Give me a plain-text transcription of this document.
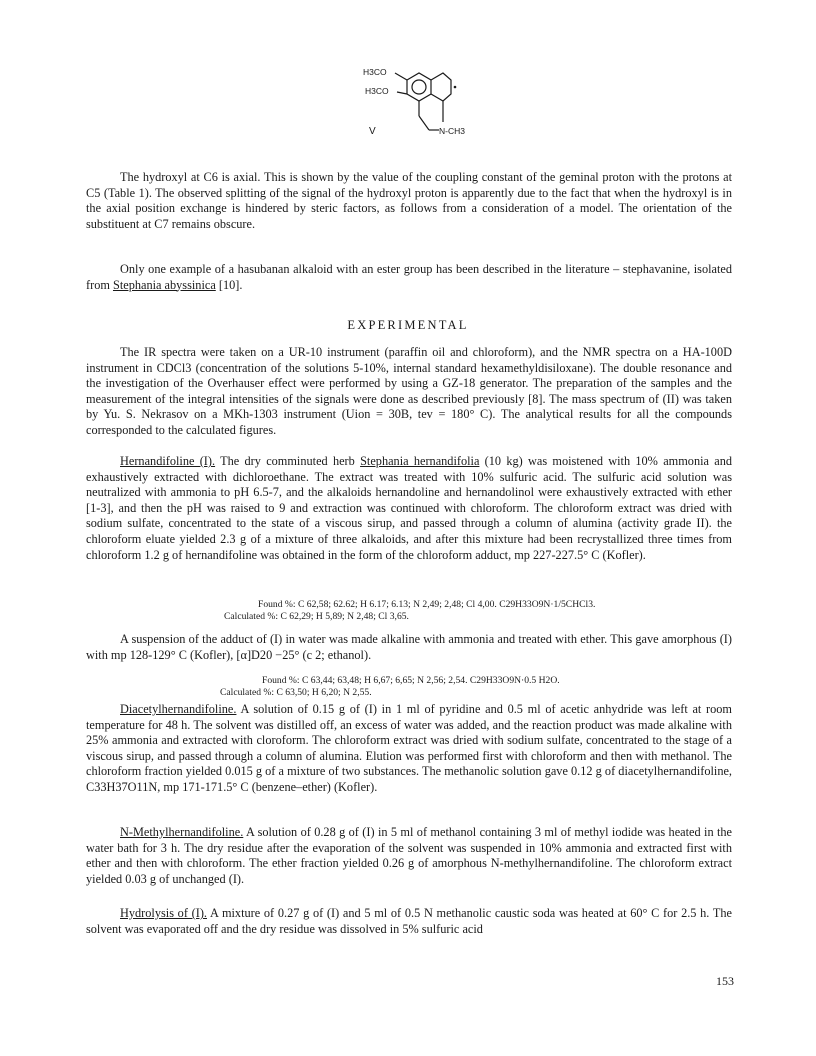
H3CO
H3CO
V	N-CH3

The hydroxyl at C6 is axial. This is shown by the value of the coupling constant of the geminal proton with the protons at C5 (Table 1). The observed splitting of the signal of the hydroxyl proton is apparently due to the fact that when the hydroxyl is in the axial position exchange is hindered by steric factors, as follows from a consideration of a model. The orientation of the substituent at C7 remains obscure.

Only one example of a hasubanan alkaloid with an ester group has been described in the literature – stephavanine, isolated from Stephania abyssinica [10].

EXPERIMENTAL

The IR spectra were taken on a UR-10 instrument (paraffin oil and chloroform), and the NMR spectra on a HA-100D instrument in CDCl3 (concentration of the solutions 5-10%, internal standard hexamethyldisiloxane). The double resonance and the investigation of the Overhauser effect were performed by using a GZ-18 generator. The preparation of the samples and the measurement of the integral intensities of the signals were done as described previously [8]. The mass spectrum of (II) was taken by Yu. S. Nekrasov on a MKh-1303 instrument (Uion = 30B, tev = 180° C). The analytical results for all the compounds corresponded to the calculated figures.

Hernandifoline (I). The dry comminuted herb Stephania hernandifolia (10 kg) was moistened with 10% ammonia and exhaustively extracted with dichloroethane. The extract was treated with 10% sulfuric acid. The sulfuric acid solution was neutralized with ammonia to pH 6.5-7, and the alkaloids hernandoline and hernandolinol were exhaustively extracted with ether [1-3], and then the pH was raised to 9 and extraction was continued with chloroform. The chloroform extract was dried with sodium sulfate, concentrated to the state of a viscous sirup, and passed through a column of alumina (activity grade II). the chloroform eluate yielded 2.3 g of a mixture of three alkaloids, and after this mixture had been recrystallized three times from chloroform 1.2 g of hernandifoline was obtained in the form of the chloroform adduct, mp 227-227.5° C (Kofler).

Found %: C 62,58; 62.62; H 6.17; 6.13; N 2,49; 2,48; Cl 4,00. C29H33O9N·1/5CHCl3.

Calculated %: C 62,29; H 5,89; N 2,48; Cl 3,65.

A suspension of the adduct of (I) in water was made alkaline with ammonia and treated with ether. This gave amorphous (I) with mp 128-129° C (Kofler), [α]D20 −25° (c 2; ethanol).

Found %: C 63,44; 63,48; H 6,67; 6,65; N 2,56; 2,54. C29H33O9N·0.5 H2O.

Calculated %: C 63,50; H 6,20; N 2,55.

Diacetylhernandifoline. A solution of 0.15 g of (I) in 1 ml of pyridine and 0.5 ml of acetic anhydride was left at room temperature for 48 h. The solvent was distilled off, an excess of water was added, and the reaction product was made alkaline with 25% ammonia and extracted with cloroform. The chloroform extract was dried with sodium sulfate, concentrated to the stage of a viscous sirup, and passed through a column of alumina. Elution was performed first with chloroform and then with methanol. The chloroform fraction yielded 0.015 g of a mixture of two substances. The methanolic solution gave 0.12 g of diacetylhernandifoline, C33H37O11N, mp 171-171.5° C (benzene–ether) (Kofler).

N-Methylhernandifoline. A solution of 0.28 g of (I) in 5 ml of methanol containing 3 ml of methyl iodide was heated in the water bath for 3 h. The dry residue after the evaporation of the solvent was suspended in 10% ammonia and extracted first with ether and then with chloroform. The ether fraction yielded 0.26 g of amorphous N-methylhernandifoline. The chloroform extract yielded 0.03 g of unchanged (I).

Hydrolysis of (I). A mixture of 0.27 g of (I) and 5 ml of 0.5 N methanolic caustic soda was heated at 60° C for 2.5 h. The solvent was evaporated off and the dry residue was dissolved in 5% sulfuric acid

153
